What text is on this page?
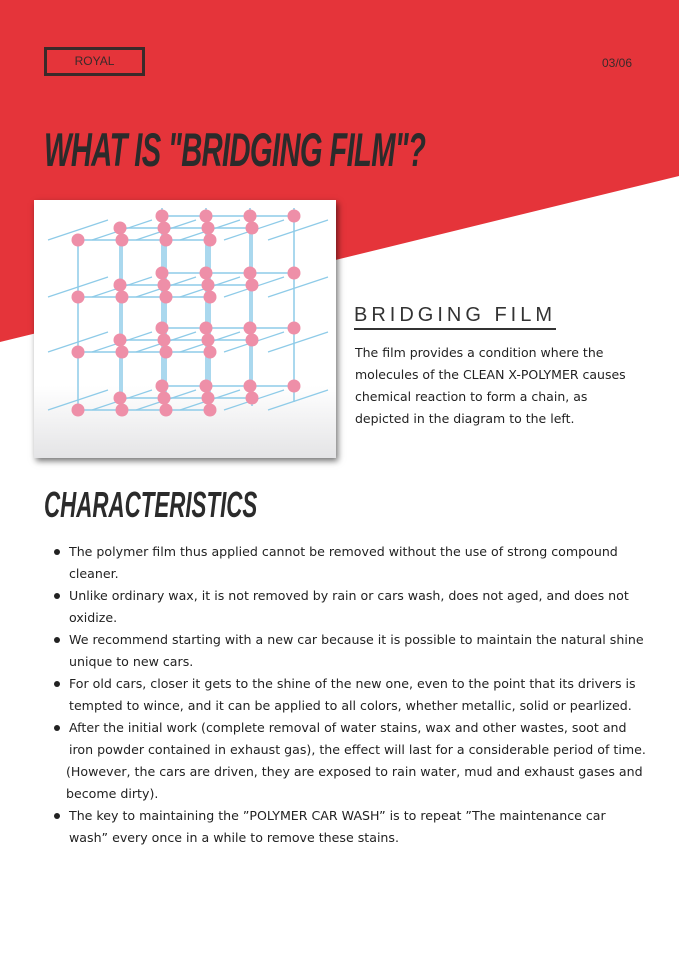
ROYAL	03/06
WHAT IS "BRIDGING FILM"?
BRIDGING FILM
The film provides a condition where the molecules of the CLEAN X-POLYMER causes chemical reaction to form a chain, as depicted in the diagram to the left.
CHARACTERISTICS
The polymer film thus applied cannot be removed without the use of strong compound cleaner.
Unlike ordinary wax, it is not removed by rain or cars wash, does not aged, and does not oxidize.
We recommend starting with a new car because it is possible to maintain the natural shine unique to new cars.
For old cars, closer it gets to the shine of the new one, even to the point that its drivers is tempted to wince, and it can be applied to all colors, whether metallic, solid or pearlized.
After the initial work (complete removal of water stains, wax and other wastes, soot and iron powder contained in exhaust gas), the effect will last for a considerable period of time.
(However, the cars are driven, they are exposed to rain water, mud and exhaust gases and become dirty).
The key to maintaining the ”POLYMER CAR WASH” is to repeat ”The maintenance car wash” every once in a while to remove these stains.
